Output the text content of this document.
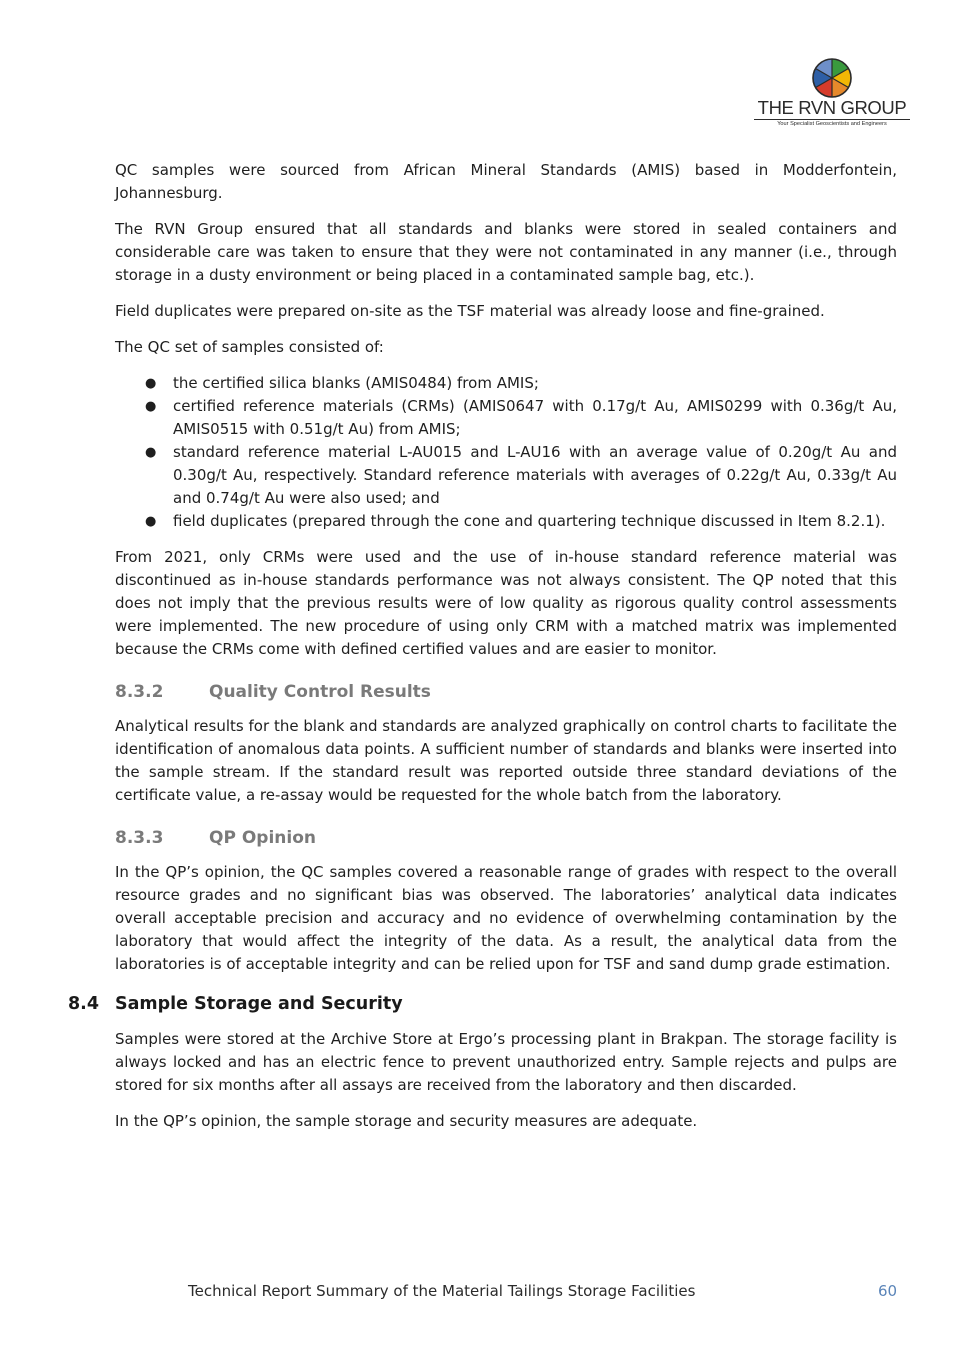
THE RVN GROUP
Your Specialist Geoscientists and Engineers

QC samples were sourced from African Mineral Standards (AMIS) based in Modderfontein, Johannesburg.

The RVN Group ensured that all standards and blanks were stored in sealed containers and considerable care was taken to ensure that they were not contaminated in any manner (i.e., through storage in a dusty environment or being placed in a contaminated sample bag, etc.).

Field duplicates were prepared on-site as the TSF material was already loose and fine-grained.

The QC set of samples consisted of:

● the certified silica blanks (AMIS0484) from AMIS;
● certified reference materials (CRMs) (AMIS0647 with 0.17g/t Au, AMIS0299 with 0.36g/t Au, AMIS0515 with 0.51g/t Au) from AMIS;
● standard reference material L-AU015 and L-AU16 with an average value of 0.20g/t Au and 0.30g/t Au, respectively. Standard reference materials with averages of 0.22g/t Au, 0.33g/t Au and 0.74g/t Au were also used; and
● field duplicates (prepared through the cone and quartering technique discussed in Item 8.2.1).

From 2021, only CRMs were used and the use of in-house standard reference material was discontinued as in-house standards performance was not always consistent. The QP noted that this does not imply that the previous results were of low quality as rigorous quality control assessments were implemented. The new procedure of using only CRM with a matched matrix was implemented because the CRMs come with defined certified values and are easier to monitor.

8.3.2	Quality Control Results

Analytical results for the blank and standards are analyzed graphically on control charts to facilitate the identification of anomalous data points. A sufficient number of standards and blanks were inserted into the sample stream. If the standard result was reported outside three standard deviations of the certificate value, a re-assay would be requested for the whole batch from the laboratory.

8.3.3	QP Opinion

In the QP’s opinion, the QC samples covered a reasonable range of grades with respect to the overall resource grades and no significant bias was observed. The laboratories’ analytical data indicates overall acceptable precision and accuracy and no evidence of overwhelming contamination by the laboratory that would affect the integrity of the data. As a result, the analytical data from the laboratories is of acceptable integrity and can be relied upon for TSF and sand dump grade estimation.

8.4 Sample Storage and Security

Samples were stored at the Archive Store at Ergo’s processing plant in Brakpan. The storage facility is always locked and has an electric fence to prevent unauthorized entry. Sample rejects and pulps are stored for six months after all assays are received from the laboratory and then discarded.

In the QP’s opinion, the sample storage and security measures are adequate.

Technical Report Summary of the Material Tailings Storage Facilities	60
